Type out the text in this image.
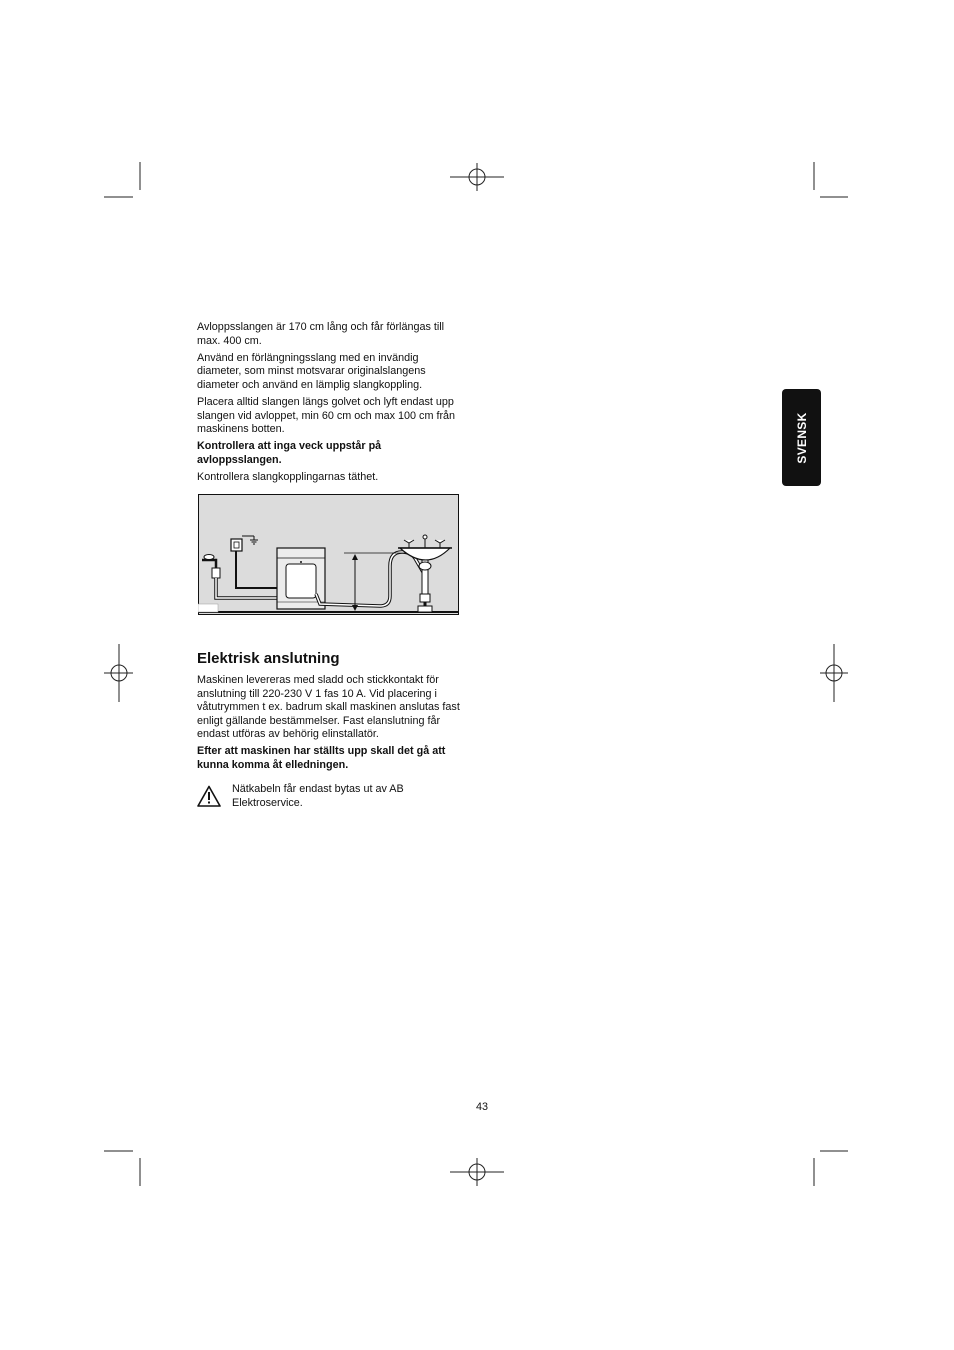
SVENSK

Avloppsslangen är 170 cm lång och får förlängas till max. 400 cm.

Använd en förlängningsslang med en invändig diameter, som minst motsvarar originalslangens diameter och använd en lämplig slangkoppling.

Placera alltid slangen längs golvet och lyft endast upp slangen vid avloppet, min 60 cm och max 100 cm från maskinens botten.

Kontrollera att inga veck uppstår på avloppsslangen.

Kontrollera slangkopplingarnas täthet.

Elektrisk anslutning

Maskinen levereras med sladd och stickkontakt för anslutning till 220-230 V 1 fas 10 A. Vid placering i våtutrymmen t ex. badrum skall maskinen anslutas fast enligt gällande bestämmelser. Fast elanslutning får endast utföras av behörig elinstallatör.

Efter att maskinen har ställts upp skall det gå att kunna komma åt elledningen.

Nätkabeln får endast bytas ut av AB Elektroservice.
43
